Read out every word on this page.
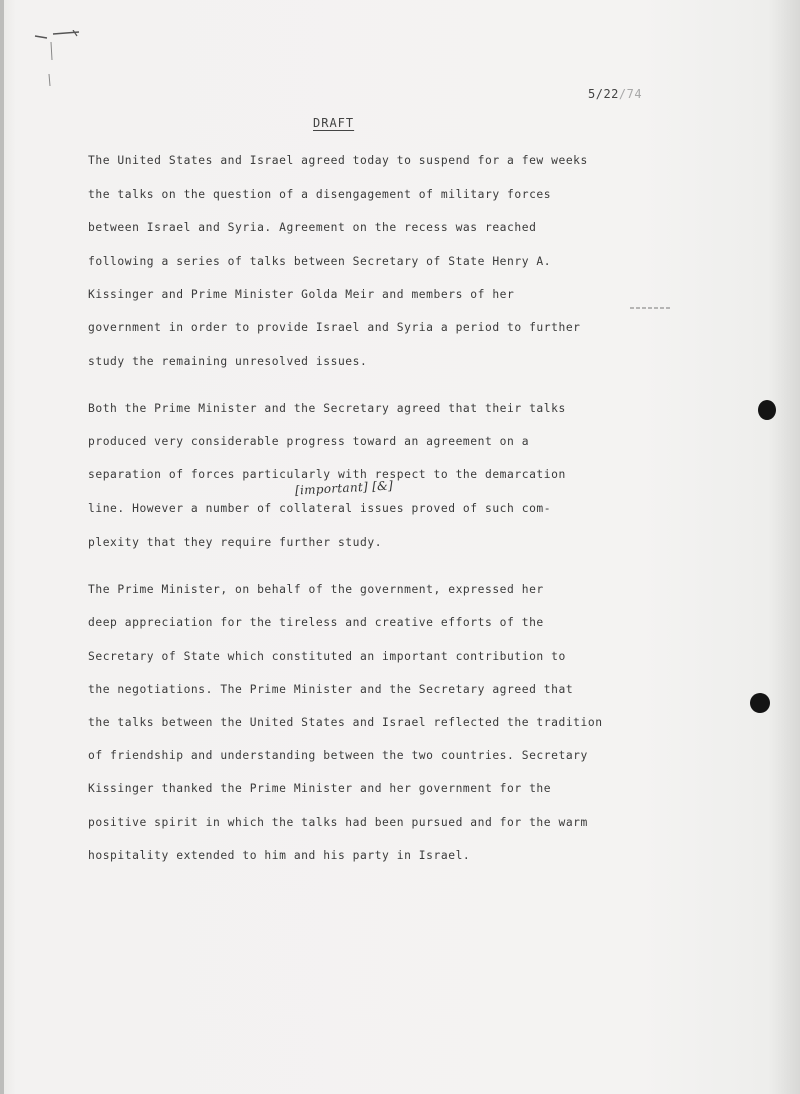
5/22/74
DRAFT
The United States and Israel agreed today to suspend for a few weeks
the talks on the question of a disengagement of military forces
between Israel and Syria. Agreement on the recess was reached
following a series of talks between Secretary of State Henry A.
Kissinger and Prime Minister Golda Meir and members of her
government in order to provide Israel and Syria a period to further
study the remaining unresolved issues.
Both the Prime Minister and the Secretary agreed that their talks
produced very considerable progress toward an agreement on a
separation of forces particularly with respect to the demarcation
[important] [&]
line. However a number of collateral issues proved of such com-
plexity that they require further study.
The Prime Minister, on behalf of the government, expressed her
deep appreciation for the tireless and creative efforts of the
Secretary of State which constituted an important contribution to
the negotiations. The Prime Minister and the Secretary agreed that
the talks between the United States and Israel reflected the tradition
of friendship and understanding between the two countries. Secretary
Kissinger thanked the Prime Minister and her government for the
positive spirit in which the talks had been pursued and for the warm
hospitality extended to him and his party in Israel.
